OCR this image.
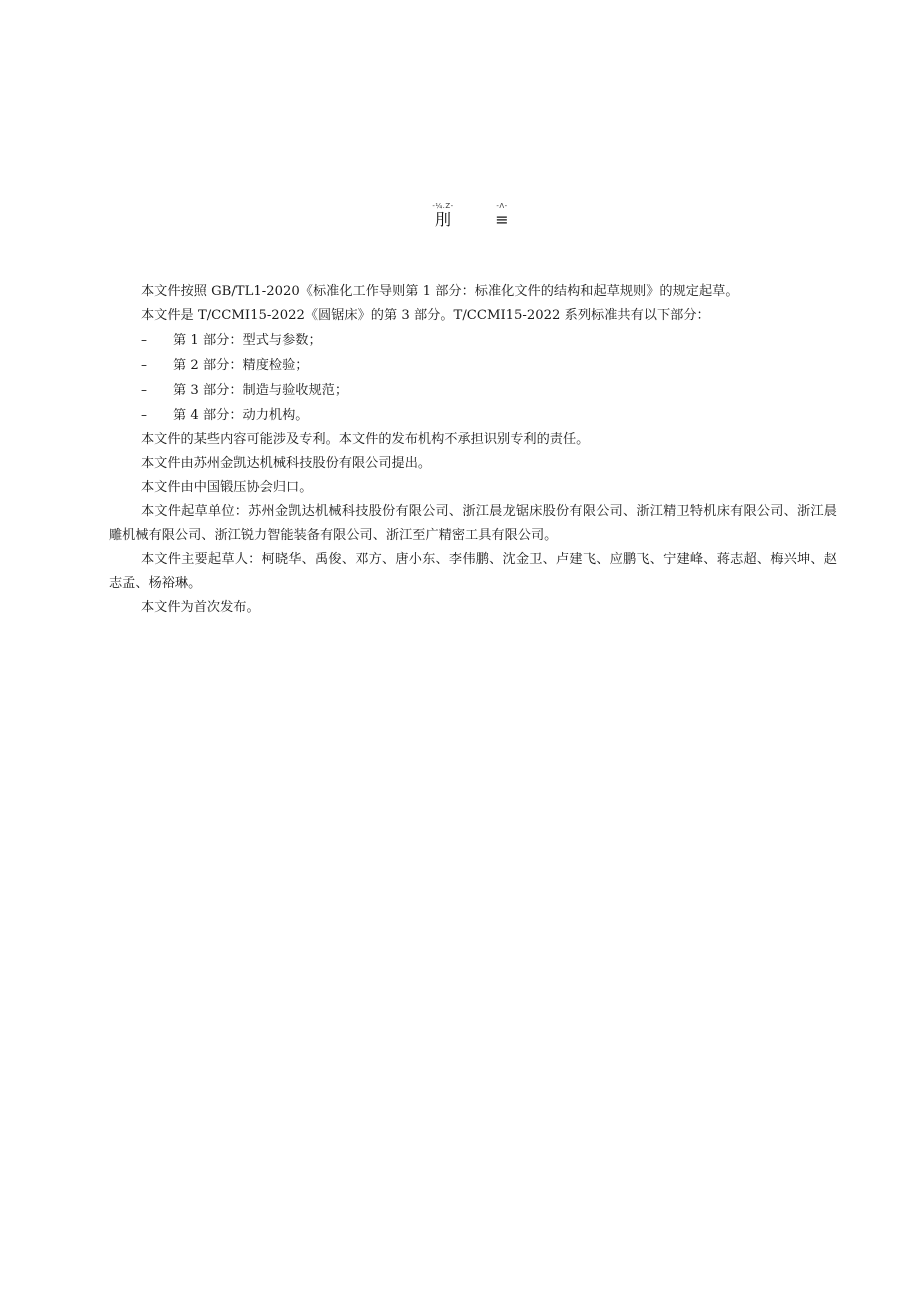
-¼.Z-
刖
-Λ-
≡

本文件按照 GB/TL1-2020《标准化工作导则第 1 部分：标准化文件的结构和起草规则》的规定起草。

本文件是 T/CCMI15-2022《圆锯床》的第 3 部分。T/CCMI15-2022 系列标准共有以下部分：

–	第 1 部分：型式与参数；
–	第 2 部分：精度检验；
–	第 3 部分：制造与验收规范；
–	第 4 部分：动力机构。

本文件的某些内容可能涉及专利。本文件的发布机构不承担识别专利的责任。

本文件由苏州金凯达机械科技股份有限公司提出。

本文件由中国锻压协会归口。

本文件起草单位：苏州金凯达机械科技股份有限公司、浙江晨龙锯床股份有限公司、浙江精卫特机床有限公司、浙江晨雕机械有限公司、浙江锐力智能装备有限公司、浙江至广精密工具有限公司。

本文件主要起草人：柯晓华、禹俊、邓方、唐小东、李伟鹏、沈金卫、卢建飞、应鹏飞、宁建峰、蒋志超、梅兴坤、赵志孟、杨裕琳。

本文件为首次发布。
